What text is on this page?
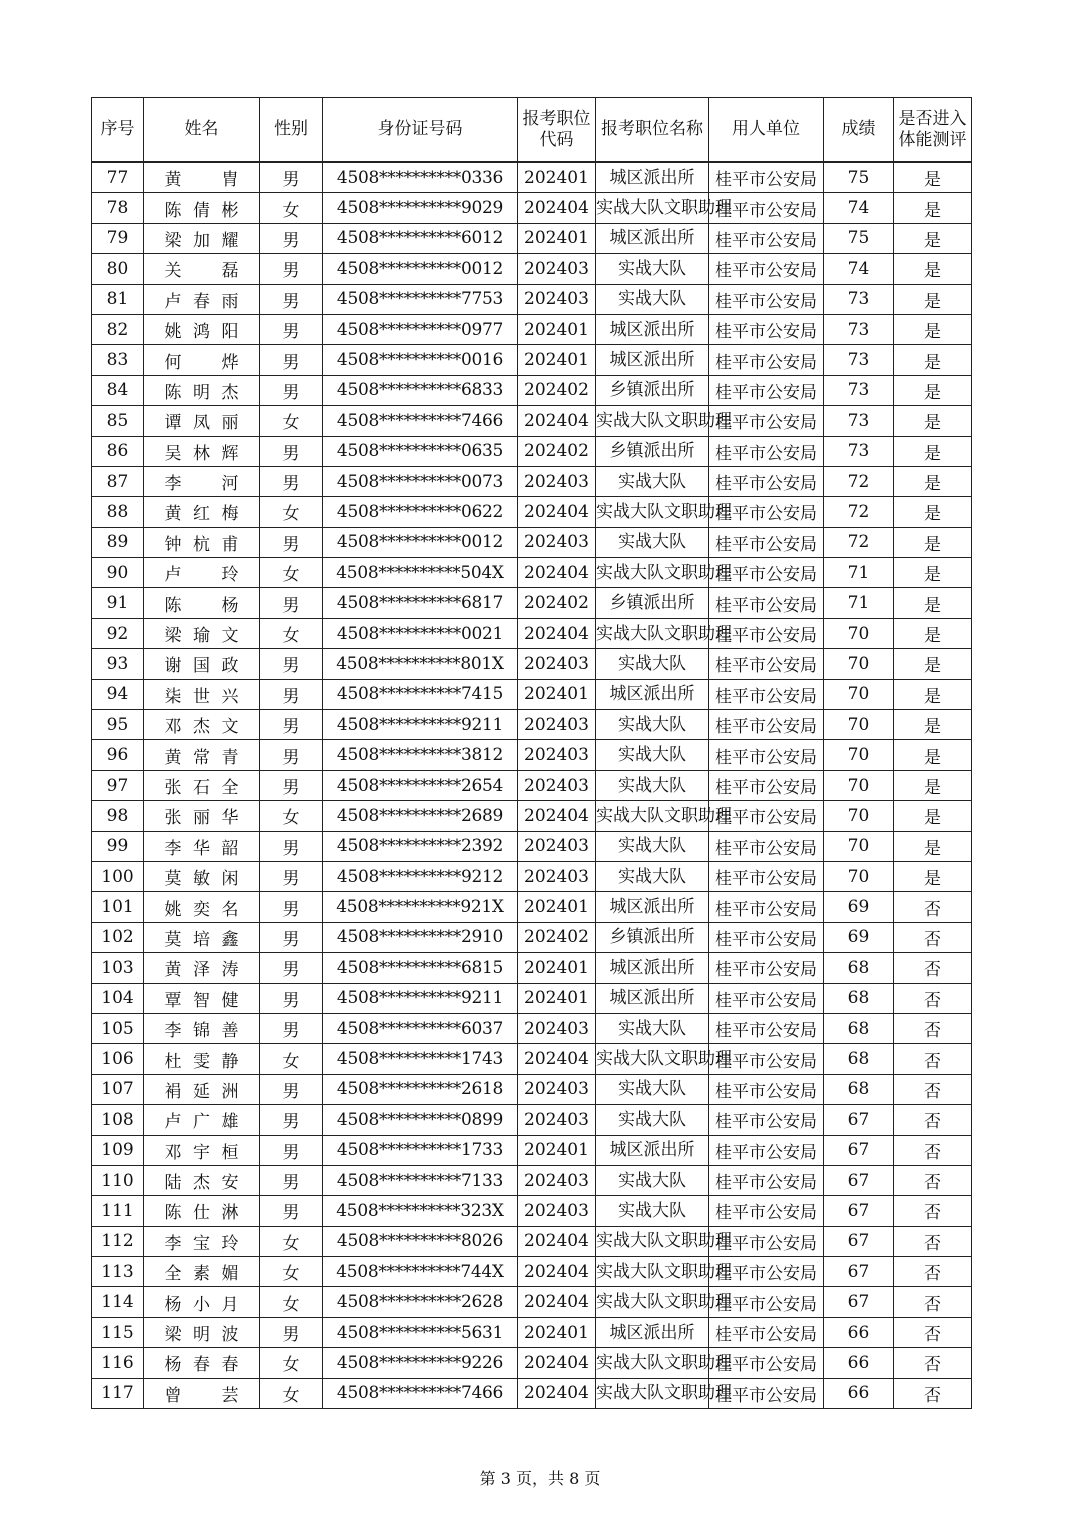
序号	姓名	性别	身份证号码	报考职位代码	报考职位名称	用人单位	成绩	是否进入体能测评
77	黄 胄	男	4508**********0336	202401	城区派出所	桂平市公安局	75	是
78	陈倩彬	女	4508**********9029	202404	实战大队文职助理	桂平市公安局	74	是
79	梁加耀	男	4508**********6012	202401	城区派出所	桂平市公安局	75	是
80	关 磊	男	4508**********0012	202403	实战大队	桂平市公安局	74	是
81	卢春雨	男	4508**********7753	202403	实战大队	桂平市公安局	73	是
82	姚鸿阳	男	4508**********0977	202401	城区派出所	桂平市公安局	73	是
83	何 烨	男	4508**********0016	202401	城区派出所	桂平市公安局	73	是
84	陈明杰	男	4508**********6833	202402	乡镇派出所	桂平市公安局	73	是
85	谭凤丽	女	4508**********7466	202404	实战大队文职助理	桂平市公安局	73	是
86	吴林辉	男	4508**********0635	202402	乡镇派出所	桂平市公安局	73	是
87	李 河	男	4508**********0073	202403	实战大队	桂平市公安局	72	是
88	黄红梅	女	4508**********0622	202404	实战大队文职助理	桂平市公安局	72	是
89	钟杭甫	男	4508**********0012	202403	实战大队	桂平市公安局	72	是
90	卢 玲	女	4508**********504X	202404	实战大队文职助理	桂平市公安局	71	是
91	陈 杨	男	4508**********6817	202402	乡镇派出所	桂平市公安局	71	是
92	梁瑜文	女	4508**********0021	202404	实战大队文职助理	桂平市公安局	70	是
93	谢国政	男	4508**********801X	202403	实战大队	桂平市公安局	70	是
94	柒世兴	男	4508**********7415	202401	城区派出所	桂平市公安局	70	是
95	邓杰文	男	4508**********9211	202403	实战大队	桂平市公安局	70	是
96	黄常青	男	4508**********3812	202403	实战大队	桂平市公安局	70	是
97	张石全	男	4508**********2654	202403	实战大队	桂平市公安局	70	是
98	张丽华	女	4508**********2689	202404	实战大队文职助理	桂平市公安局	70	是
99	李华韶	男	4508**********2392	202403	实战大队	桂平市公安局	70	是
100	莫敏闲	男	4508**********9212	202403	实战大队	桂平市公安局	70	是
101	姚奕名	男	4508**********921X	202401	城区派出所	桂平市公安局	69	否
102	莫培鑫	男	4508**********2910	202402	乡镇派出所	桂平市公安局	69	否
103	黄泽涛	男	4508**********6815	202401	城区派出所	桂平市公安局	68	否
104	覃智健	男	4508**********9211	202401	城区派出所	桂平市公安局	68	否
105	李锦善	男	4508**********6037	202403	实战大队	桂平市公安局	68	否
106	杜雯静	女	4508**********1743	202404	实战大队文职助理	桂平市公安局	68	否
107	裐延洲	男	4508**********2618	202403	实战大队	桂平市公安局	68	否
108	卢广雄	男	4508**********0899	202403	实战大队	桂平市公安局	67	否
109	邓宇桓	男	4508**********1733	202401	城区派出所	桂平市公安局	67	否
110	陆杰安	男	4508**********7133	202403	实战大队	桂平市公安局	67	否
111	陈仕淋	男	4508**********323X	202403	实战大队	桂平市公安局	67	否
112	李宝玲	女	4508**********8026	202404	实战大队文职助理	桂平市公安局	67	否
113	全素媚	女	4508**********744X	202404	实战大队文职助理	桂平市公安局	67	否
114	杨小月	女	4508**********2628	202404	实战大队文职助理	桂平市公安局	67	否
115	梁明波	男	4508**********5631	202401	城区派出所	桂平市公安局	66	否
116	杨春春	女	4508**********9226	202404	实战大队文职助理	桂平市公安局	66	否
117	曾 芸	女	4508**********7466	202404	实战大队文职助理	桂平市公安局	66	否
第 3 页，共 8 页
